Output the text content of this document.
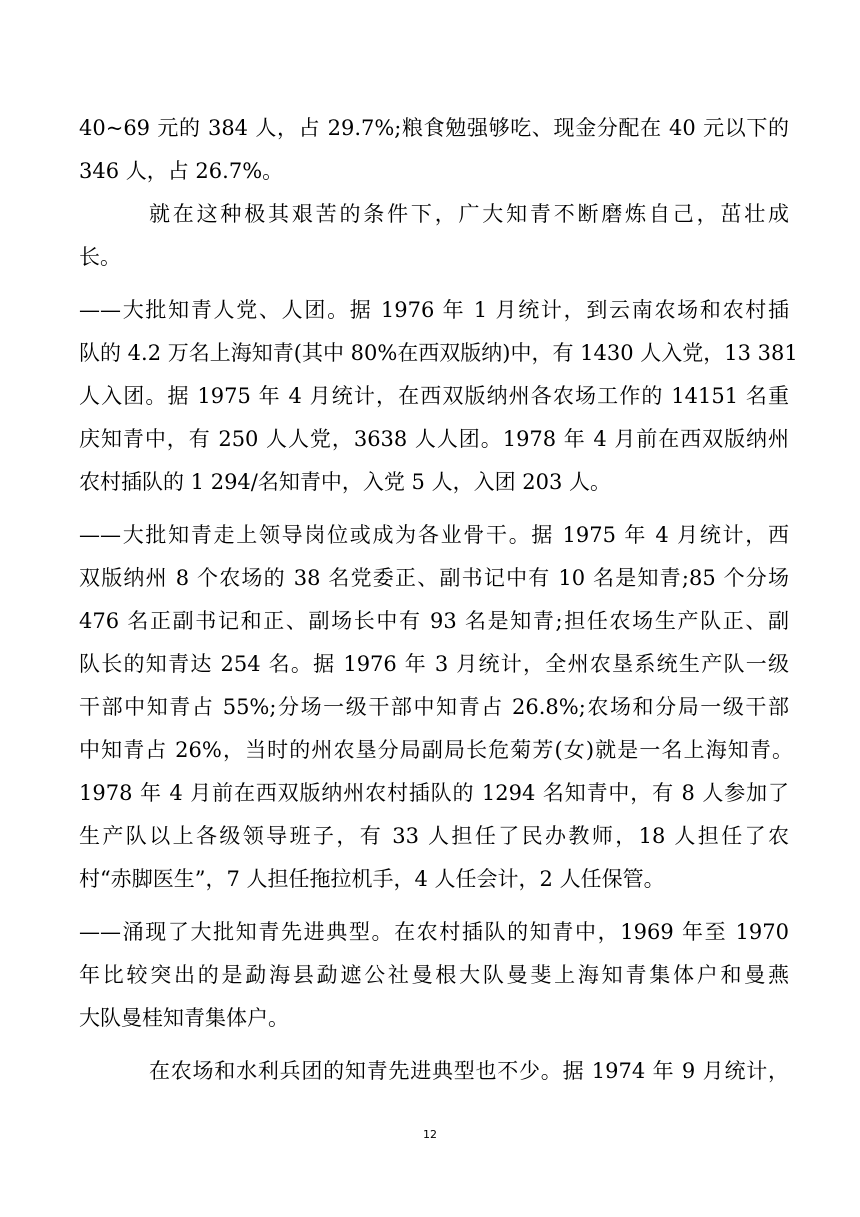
40~69 元的 384 人，占 29.7%;粮食勉强够吃、现金分配在 40 元以下的
346 人，占 26.7%。
就在这种极其艰苦的条件下，广大知青不断磨炼自己，茁壮成
长。
——大批知青人党、人团。据 1976 年 1 月统计，到云南农场和农村插
队的 4.2 万名上海知青(其中 80%在西双版纳)中，有 1430 人入党，13 381
人入团。据 1975 年 4 月统计，在西双版纳州各农场工作的 14151 名重
庆知青中，有 250 人人党，3638 人人团。1978 年 4 月前在西双版纳州
农村插队的 1 294/名知青中，入党 5 人，入团 203 人。
——大批知青走上领导岗位或成为各业骨干。据 1975 年 4 月统计，西
双版纳州 8 个农场的 38 名党委正、副书记中有 10 名是知青;85 个分场
476 名正副书记和正、副场长中有 93 名是知青;担任农场生产队正、副
队长的知青达 254 名。据 1976 年 3 月统计，全州农垦系统生产队一级
干部中知青占 55%;分场一级干部中知青占 26.8%;农场和分局一级干部
中知青占 26%，当时的州农垦分局副局长危菊芳(女)就是一名上海知青。
1978 年 4 月前在西双版纳州农村插队的 1294 名知青中，有 8 人参加了
生产队以上各级领导班子，有 33 人担任了民办教师，18 人担任了农
村“赤脚医生”，7 人担任拖拉机手，4 人任会计，2 人任保管。
——涌现了大批知青先进典型。在农村插队的知青中，1969 年至 1970
年比较突出的是勐海县勐遮公社曼根大队曼斐上海知青集体户和曼燕
大队曼桂知青集体户。
在农场和水利兵团的知青先进典型也不少。据 1974 年 9 月统计，
12
